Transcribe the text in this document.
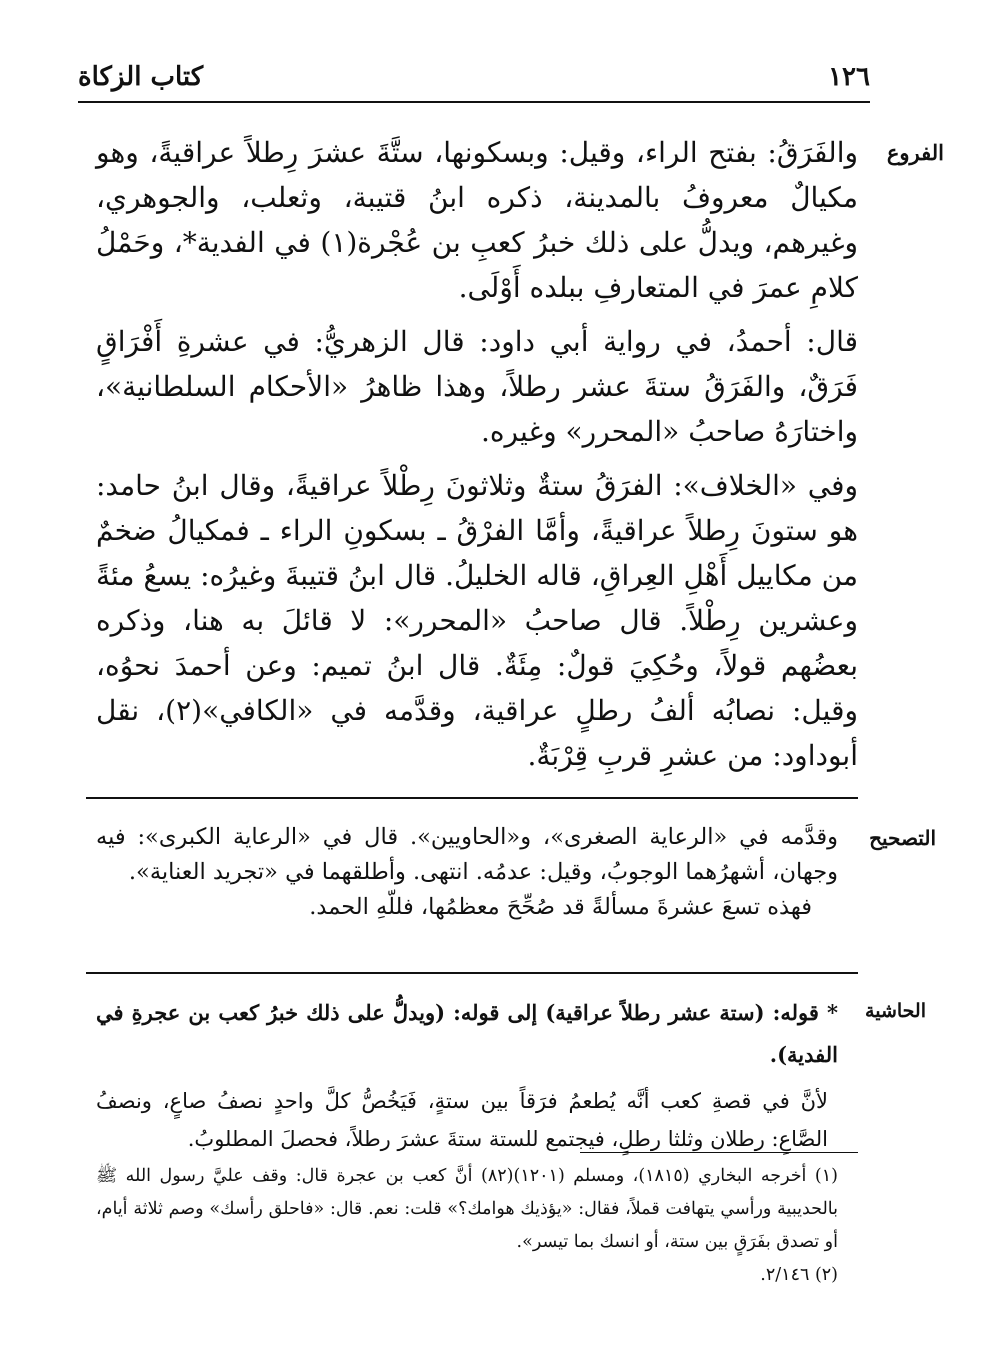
١٢٦
كتاب الزكاة
الفروع

والفَرَقُ: بفتح الراء، وقيل: وبسكونها، ستَّةَ عشرَ رِطلاً عراقيةً، وهو مكيالٌ معروفُ بالمدينة، ذكره ابنُ قتيبة، وثعلب، والجوهري، وغيرهم، ويدلُّ على ذلك خبرُ كعبِ بن عُجْرة(١) في الفدية*، وحَمْلُ كلامِ عمرَ في المتعارفِ ببلده أَوْلَى.

قال: أحمدُ، في رواية أبي داود: قال الزهريُّ: في عشرةِ أَفْرَاقٍ فَرَقٌ، والفَرَقُ ستةَ عشر رطلاً، وهذا ظاهرُ «الأحكام السلطانية»، واختارَهُ صاحبُ «المحرر» وغيره.

وفي «الخلاف»: الفرَقُ ستةٌ وثلاثونَ رِطْلاً عراقيةً، وقال ابنُ حامد: هو ستونَ رِطلاً عراقيةً، وأمَّا الفرْقُ ـ بسكونِ الراء ـ فمكيالُ ضخمٌ من مكاييل أَهْلِ العِراقِ، قاله الخليلُ. قال ابنُ قتيبةَ وغيرُه: يسعُ مئةً وعشرين رِطْلاً. قال صاحبُ «المحرر»: لا قائلَ به هنا، وذكره بعضُهم قولاً، وحُكِيَ قولٌ: مِئَةٌ. قال ابنُ تميم: وعن أحمدَ نحوُه، وقيل: نصابُه ألفُ رطلٍ عراقية، وقدَّمه في «الكافي»(٢)، نقل أبوداود: من عشرِ قربِ قِرْبَةٌ.

التصحيح

وقدَّمه في «الرعاية الصغرى»، و«الحاويين». قال في «الرعاية الكبرى»: فيه وجهان، أشهرُهما الوجوبُ، وقيل: عدمُه. انتهى. وأطلقهما في «تجريد العناية».

فهذه تسعَ عشرةَ مسألةً قد صُحِّحَ معظمُها، فللّهِ الحمد.

الحاشية

* قوله: (ستة عشر رطلاً عراقية) إلى قوله: (ويدلُّ على ذلك خبرُ كعب بن عجرةِ في الفدية).

لأنَّ في قصةِ كعب أنَّه يُطعمُ فرَقاً بين ستةٍ، فَيَخُصُّ كلَّ واحدٍ نصفُ صاعٍ، ونصفُ الصَّاعِ: رطلان وثلثا رطلٍ، فيجتمع للستة ستةَ عشرَ رطلاً، فحصلَ المطلوبُ.

(١) أخرجه البخاري (١٨١٥)، ومسلم (١٢٠١)(٨٢) أنَّ كعب بن عجرة قال: وقف عليَّ رسول الله ﷺ بالحديبية ورأسي يتهافت قملاً، فقال: «يؤذيك هوامك؟» قلت: نعم. قال: «فاحلق رأسك» وصم ثلاثة أيام، أو تصدق بفَرَقٍ بين ستة، أو انسك بما تيسر».

(٢) ٢/١٤٦.
